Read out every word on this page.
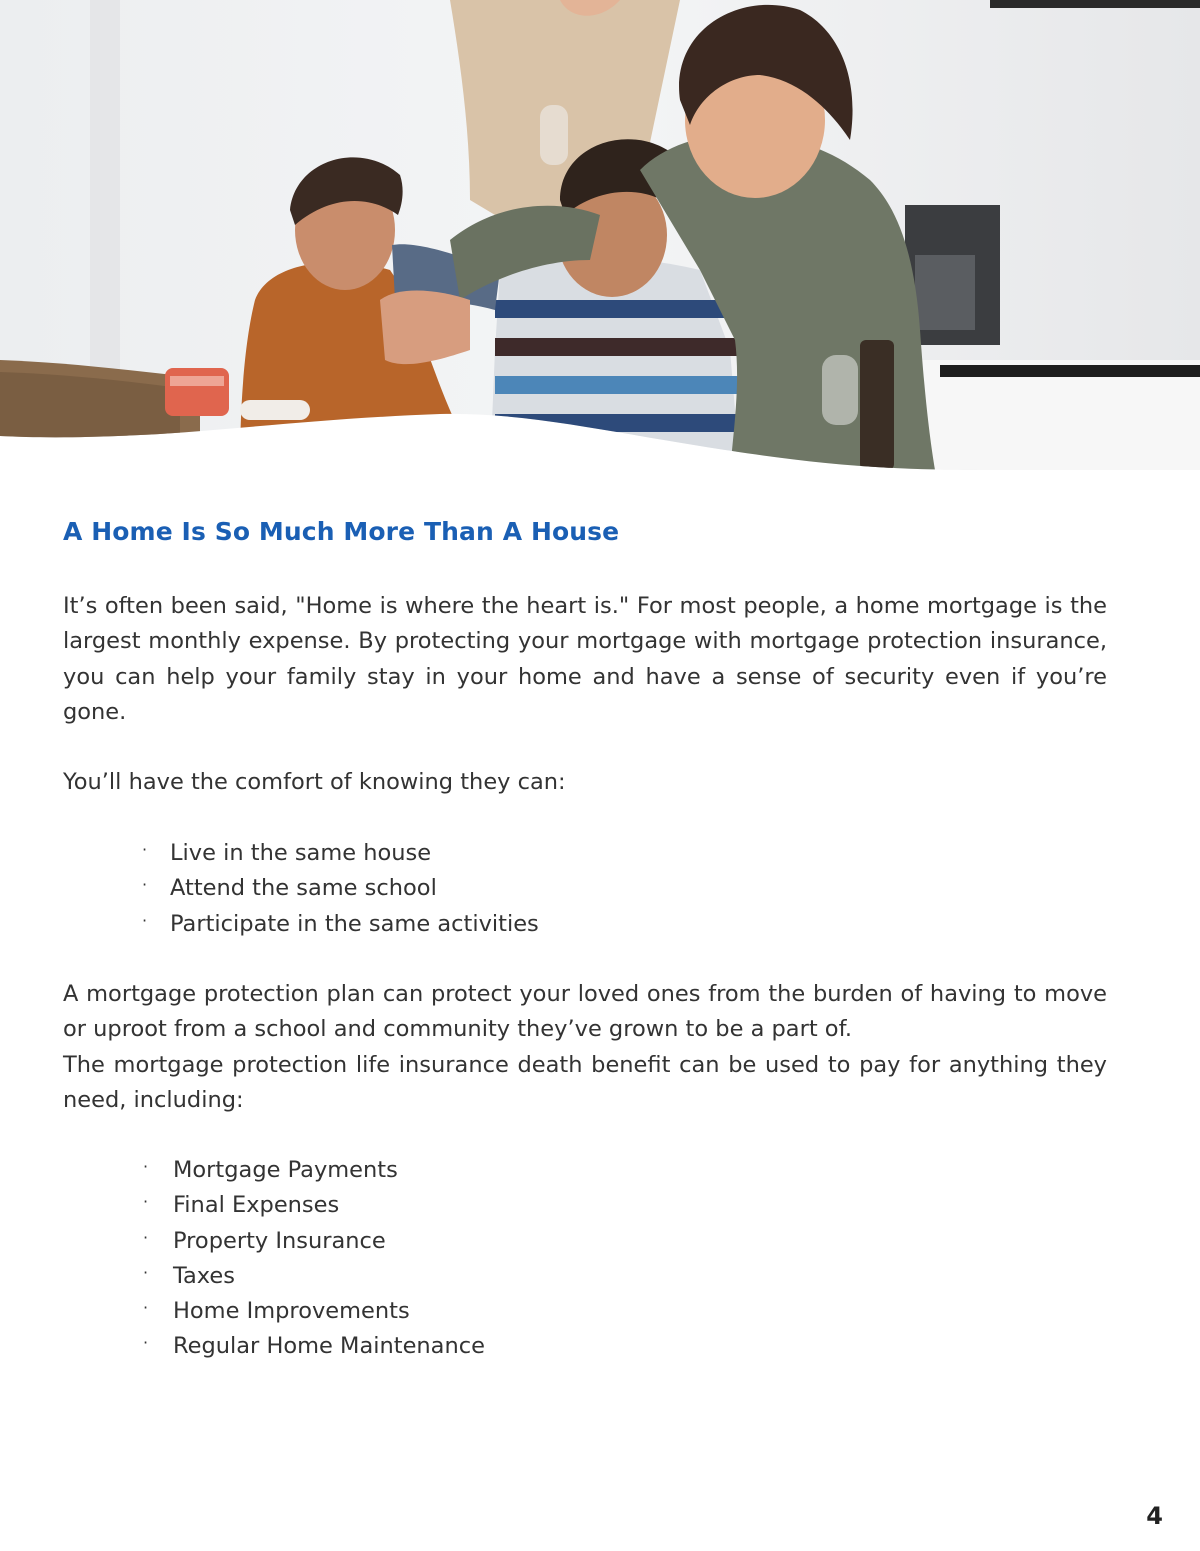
A Home Is So Much More Than A House

It’s often been said, "Home is where the heart is." For most people, a home mortgage is the largest monthly expense. By protecting your mortgage with mortgage protection insurance, you can help your family stay in your home and have a sense of security even if you’re gone.

You’ll have the comfort of knowing they can:

· Live in the same house
· Attend the same school
· Participate in the same activities

A mortgage protection plan can protect your loved ones from the burden of having to move or uproot from a school and community they’ve grown to be a part of.

The mortgage protection life insurance death benefit can be used to pay for anything they need, including:

· Mortgage Payments
· Final Expenses
· Property Insurance
· Taxes
· Home Improvements
· Regular Home Maintenance
4
